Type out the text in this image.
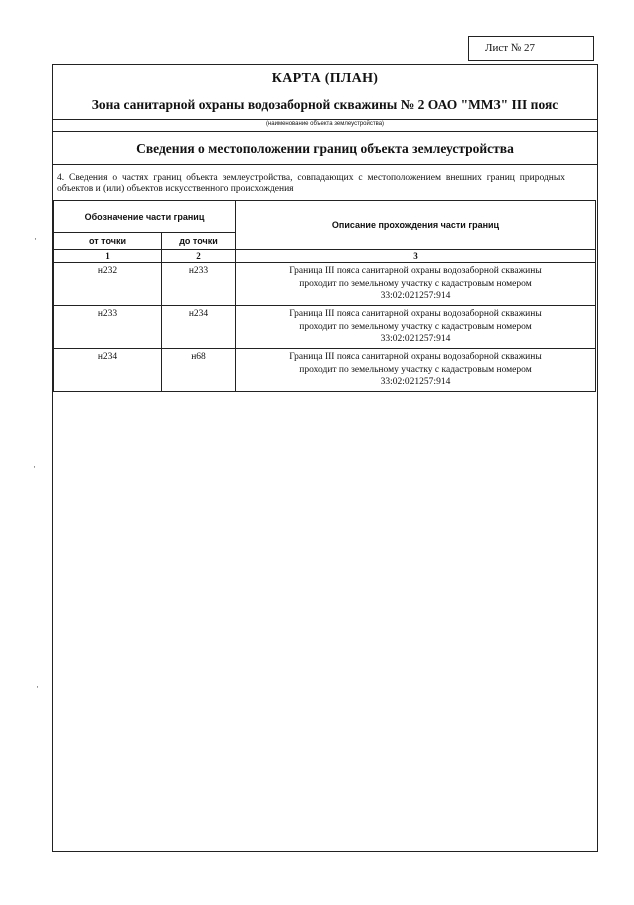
Лист № 27
КАРТА (ПЛАН)
Зона санитарной охраны водозаборной скважины № 2 ОАО "ММЗ" III пояс
(наименование объекта землеустройства)
Сведения о местоположении границ объекта землеустройства
4. Сведения о частях границ объекта землеустройства, совпадающих с местоположением внешних границ природных объектов и (или) объектов искусственного происхождения
Обозначение части границ		Описание прохождения части границ
от точки	до точки	
1	2	3
н232	н233	Граница III пояса санитарной охраны водозаборной скважины
проходит по земельному участку с кадастровым номером
33:02:021257:914

н233	н234	Граница III пояса санитарной охраны водозаборной скважины
проходит по земельному участку с кадастровым номером
33:02:021257:914

н234	н68	Граница III пояса санитарной охраны водозаборной скважины
проходит по земельному участку с кадастровым номером
33:02:021257:914
·
·
·
